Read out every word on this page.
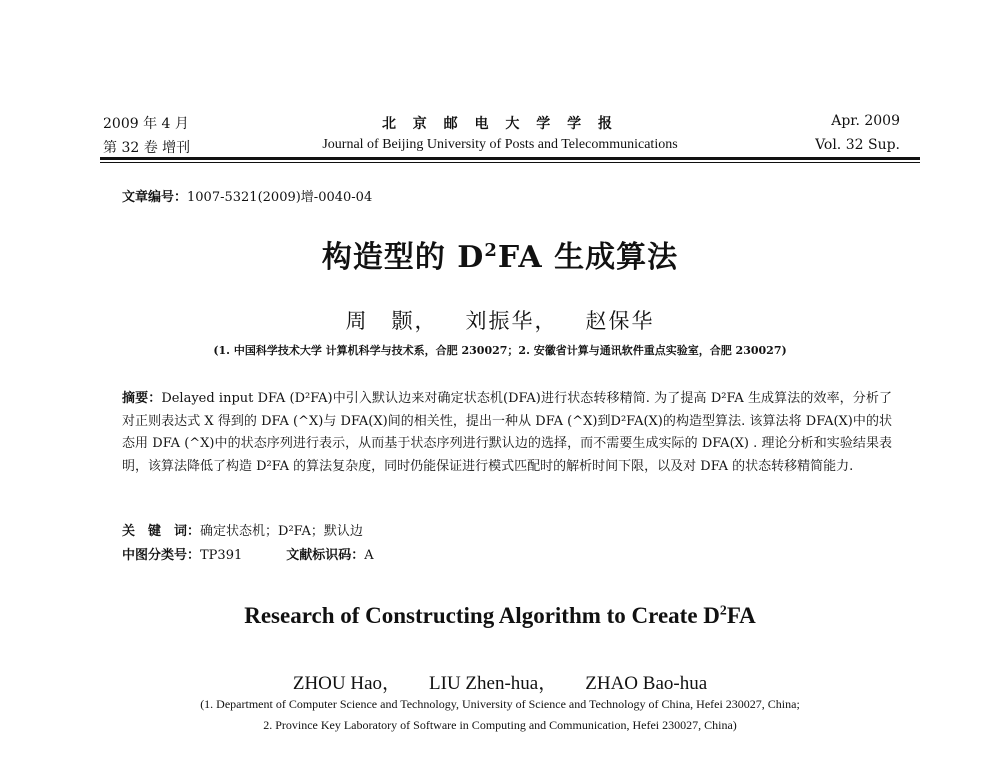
2009 年 4 月
第 32 卷 增刊
北 京 邮 电 大 学 学 报
Journal of Beijing University of Posts and Telecommunications
Apr. 2009
Vol. 32 Sup.
文章编号：1007-5321(2009)增-0040-04
构造型的 $D^2FA$ 生成算法
周　颢， 刘振华， 赵保华
(1. 中国科学技术大学 计算机科学与技术系，合肥 230027；2. 安徽省计算与通讯软件重点实验室，合肥 230027)
摘要：Delayed input DFA (D²FA)中引入默认边来对确定状态机(DFA)进行状态转移精简. 为了提高 D²FA 生成算法的效率，分析了对正则表达式 X 得到的 DFA (^X)与 DFA(X)间的相关性，提出一种从 DFA (^X)到D²FA(X)的构造型算法. 该算法将 DFA(X)中的状态用 DFA (^X)中的状态序列进行表示，从而基于状态序列进行默认边的选择，而不需要生成实际的 DFA(X) . 理论分析和实验结果表明，该算法降低了构造 D²FA 的算法复杂度，同时仍能保证进行模式匹配时的解析时间下限，以及对 DFA 的状态转移精简能力.
关　键　词：确定状态机；D²FA；默认边
中图分类号：TP391	文献标识码：A
Research of Constructing Algorithm to Create $D^2FA$
ZHOU Hao， LIU Zhen-hua， ZHAO Bao-hua
(1. Department of Computer Science and Technology, University of Science and Technology of China, Hefei 230027, China;
2. Province Key Laboratory of Software in Computing and Communication, Hefei 230027, China)
